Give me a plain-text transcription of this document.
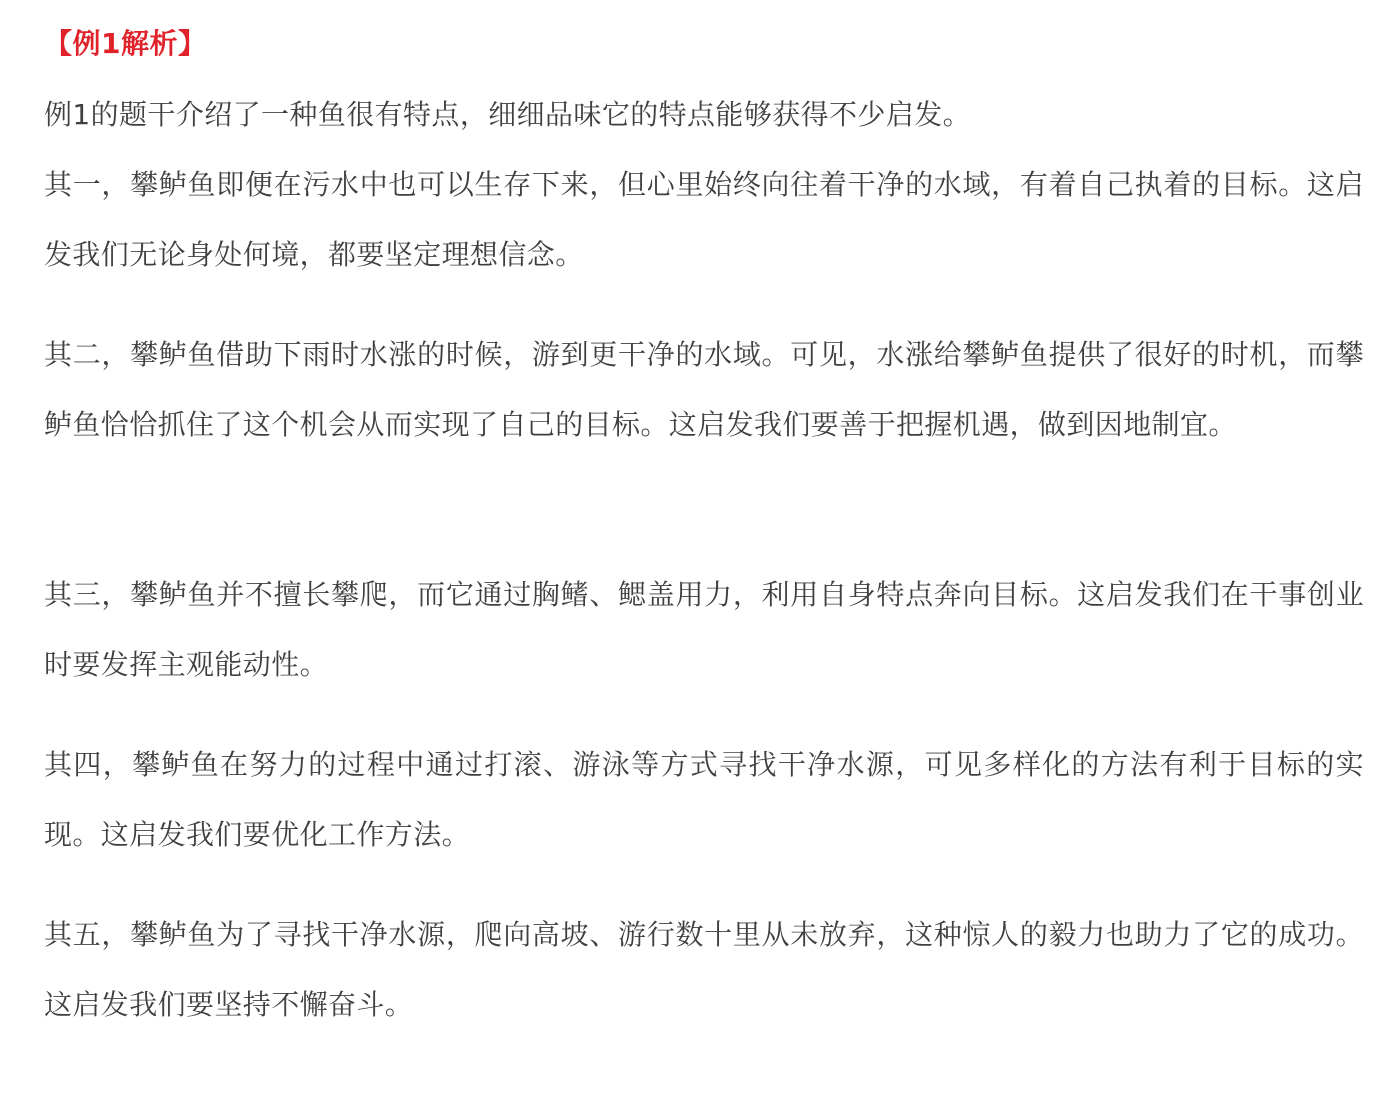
【例1解析】

例1的题干介绍了一种鱼很有特点，细细品味它的特点能够获得不少启发。

其一，攀鲈鱼即便在污水中也可以生存下来，但心里始终向往着干净的水域，有着自己执着的目标。这启发我们无论身处何境，都要坚定理想信念。

其二，攀鲈鱼借助下雨时水涨的时候，游到更干净的水域。可见，水涨给攀鲈鱼提供了很好的时机，而攀鲈鱼恰恰抓住了这个机会从而实现了自己的目标。这启发我们要善于把握机遇，做到因地制宜。

其三，攀鲈鱼并不擅长攀爬，而它通过胸鳍、鳃盖用力，利用自身特点奔向目标。这启发我们在干事创业时要发挥主观能动性。

其四，攀鲈鱼在努力的过程中通过打滚、游泳等方式寻找干净水源，可见多样化的方法有利于目标的实现。这启发我们要优化工作方法。

其五，攀鲈鱼为了寻找干净水源，爬向高坡、游行数十里从未放弃，这种惊人的毅力也助力了它的成功。这启发我们要坚持不懈奋斗。
